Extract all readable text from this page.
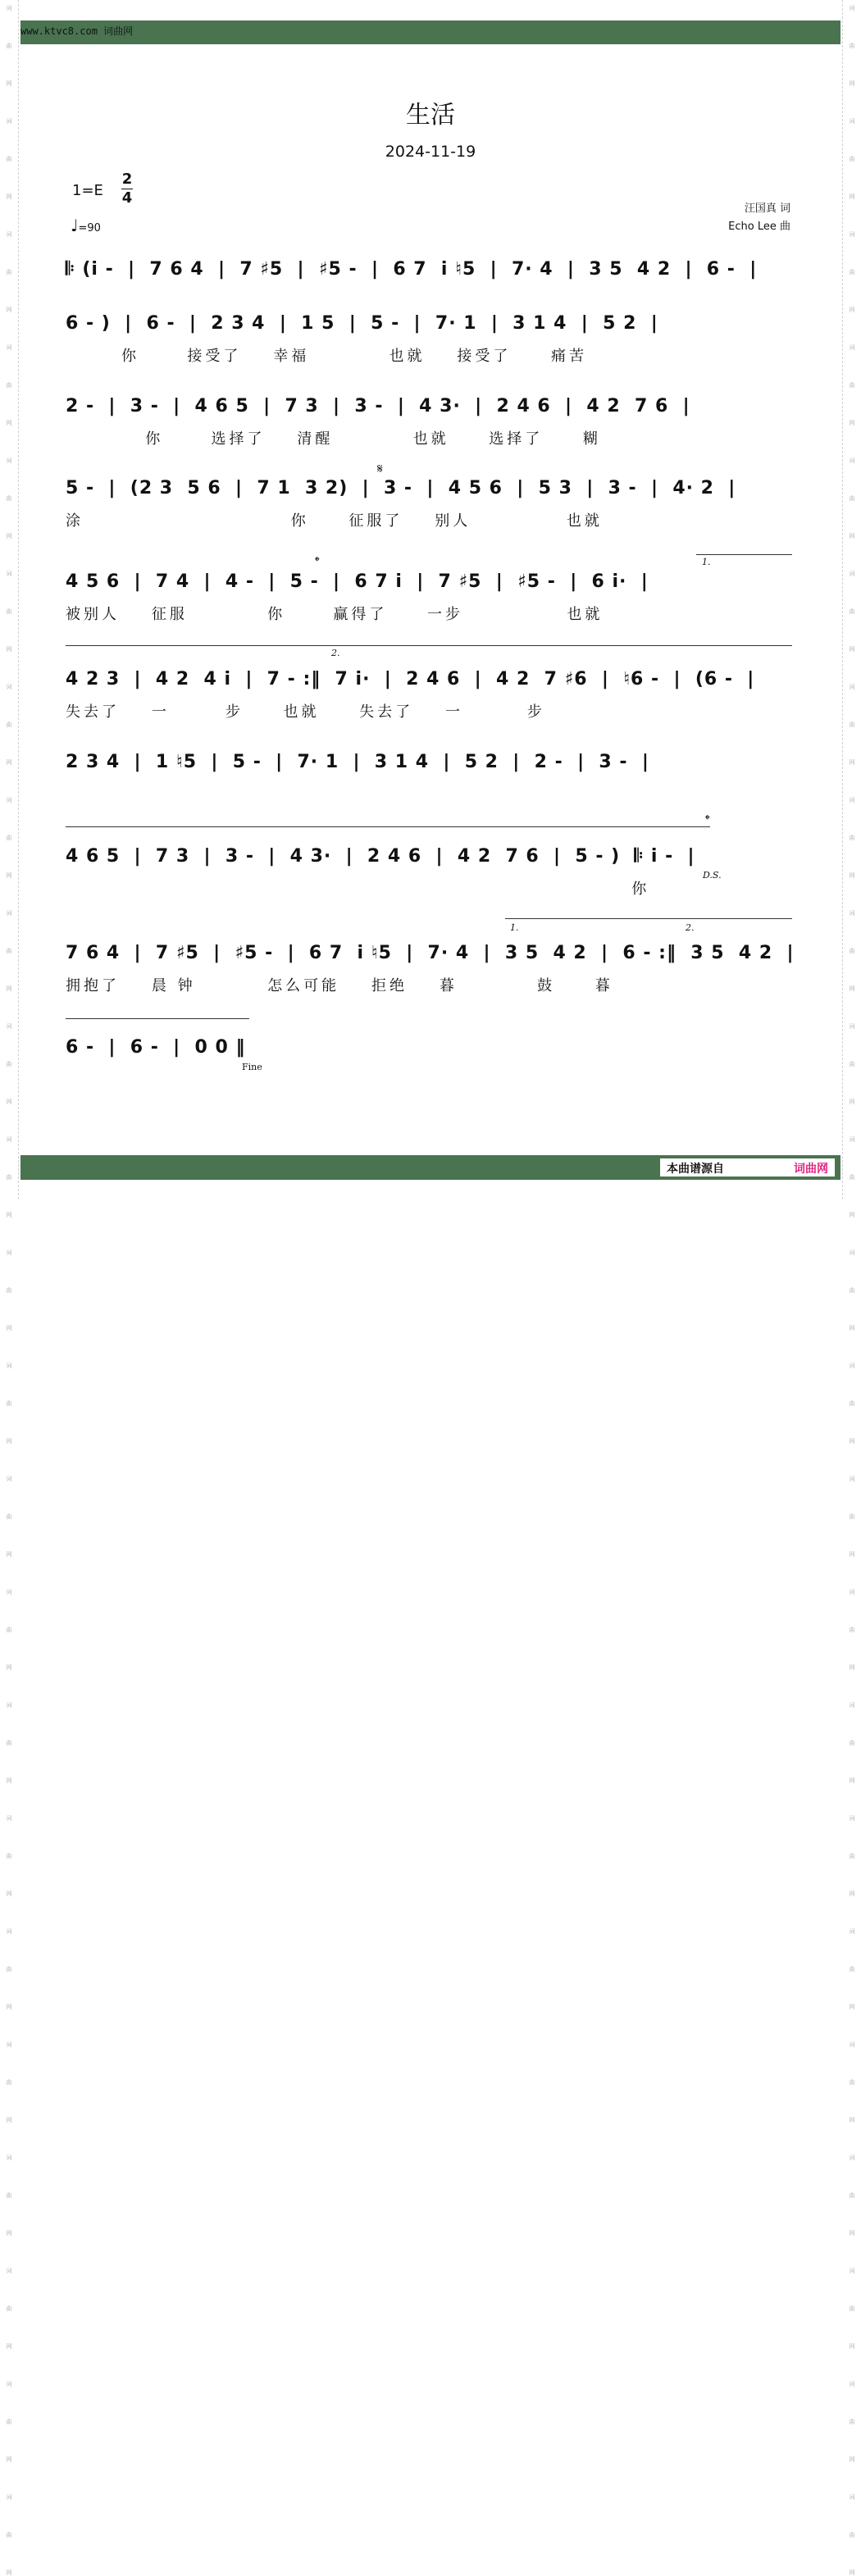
词
曲
网
词
曲
网
词
曲
网
词
曲
网
词
曲
网
词
曲
网
词
曲
网
词
曲
网
词
曲
网
词
曲
网
词
曲
网
词
曲
网
词
曲
网
词
曲
网
词
曲
网
词
曲
网
词
曲
网
词
曲
网
词
曲
网
词
曲
网
词
曲
网
词
曲
网
词
曲
网
词
曲
网
词
曲
网
词
曲
网
词
曲
网
词
曲
网
词
曲
网
词
曲
网
词
曲
网
词
曲
网
词
曲
网
词
曲
网
词
曲
网
词
曲
网
词
曲
网
词
曲
网
词
曲
网
词
曲
网
词
曲
网
词
曲
网
词
曲
网
词
曲
网
词
曲
网
词
曲
网
www.ktvc8.com 词曲网
生活
2024-11-19
1=E
2
4
♩=90
汪国真 词
Echo Lee 曲
𝄆 (i -  |  7 6 4  |  7 ♯5  |  ♯5 -  |  6 7  i ♮5  |  7· 4  |  3 5  4 2  |  6 -  |
6 - )  |  6 -  |  2 3 4  |  1 5  |  5 -  |  7· 1  |  3 1 4  |  5 2  |
你      接受了    幸福          也就    接受了     痛苦
2 -  |  3 -  |  4 6 5  |  7 3  |  3 -  |  4 3·  |  2 4 6  |  4 2  7 6  |
你      选择了    清醒          也就     选择了     糊
𝄋
5 -  |  (2 3  5 6  |  7 1  3 2)  |  3 -  |  4 5 6  |  5 3  |  3 -  |  4· 2  |
涂                          你     征服了    别人            也就
𝄌	1.
4 5 6  |  7 4  |  4 -  |  5 -  |  6 7 i  |  7 ♯5  |  ♯5 -  |  6 i·  |
被别人    征服          你      赢得了     一步             也就
2.
4 2 3  |  4 2  4 i  |  7 - :‖  7 i·  |  2 4 6  |  4 2  7 ♯6  |  ♮6 -  |  (6 -  |
失去了    一       步     也就     失去了    一        步
2 3 4  |  1 ♮5  |  5 -  |  7· 1  |  3 1 4  |  5 2  |  2 -  |  3 -  |
𝄌
4 6 5  |  7 3  |  3 -  |  4 3·  |  2 4 6  |  4 2  7 6  |  5 - )  𝄆 i -  |
你
D.S.
1.	2.
7 6 4  |  7 ♯5  |  ♯5 -  |  6 7  i ♮5  |  7· 4  |  3 5  4 2  |  6 - :‖  3 5  4 2  |
拥抱了    晨 钟         怎么可能    拒绝    暮          鼓     暮
6 -  |  6 -  |  0 0 ‖
Fine
本曲谱源自	词曲网
